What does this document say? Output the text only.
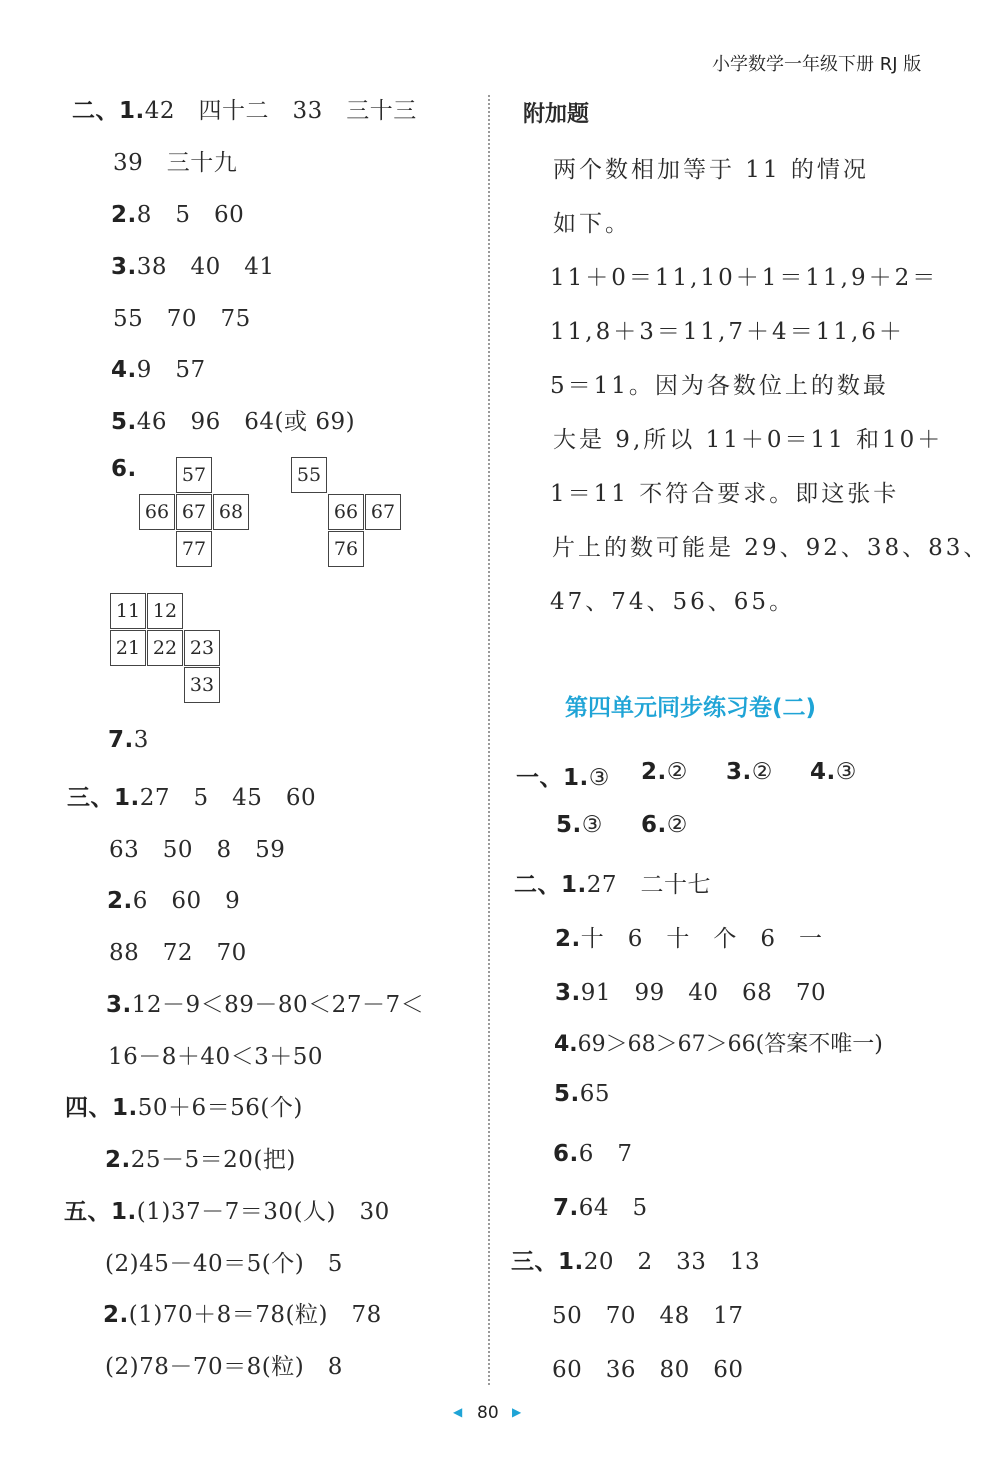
小学数学一年级下册 RJ 版
二、1.42　四十二　33　三十三
39　三十九
2.8　5　60
3.38　40　41
55　70　75
4.9　57
5.46　96　64(或 69)
6.	57
66 67 68
77
55
66 67
76
11 12
21 22 23
33
7.3
三、1.27　5　45　60
63　50　8　59
2.6　60　9
88　72　70
3.12－9＜89－80＜27－7＜
16－8＋40＜3＋50
四、1.50＋6＝56(个)
2.25－5＝20(把)
五、1.(1)37－7＝30(人)　30
(2)45－40＝5(个)　5
2.(1)70＋8＝78(粒)　78
(2)78－70＝8(粒)　8
附加题
两个数相加等于 11 的情况
如下。
11＋0＝11,10＋1＝11,9＋2＝
11,8＋3＝11,7＋4＝11,6＋
5＝11。因为各数位上的数最
大是 9,所以 11＋0＝11 和10＋
1＝11 不符合要求。即这张卡
片上的数可能是 29、92、38、83、
47、74、56、65。
第四单元同步练习卷(二)
一、1.③ 2.② 3.② 4.③
5.③ 6.②
二、1.27　二十七
2.十　6　十　个　6　一
3.91　99　40　68　70
4.69＞68＞67＞66(答案不唯一)
5.65
6.6　7
7.64　5
三、1.20　2　33　13
50　70　48　17
60　36　80　60
◀ 80 ▶
